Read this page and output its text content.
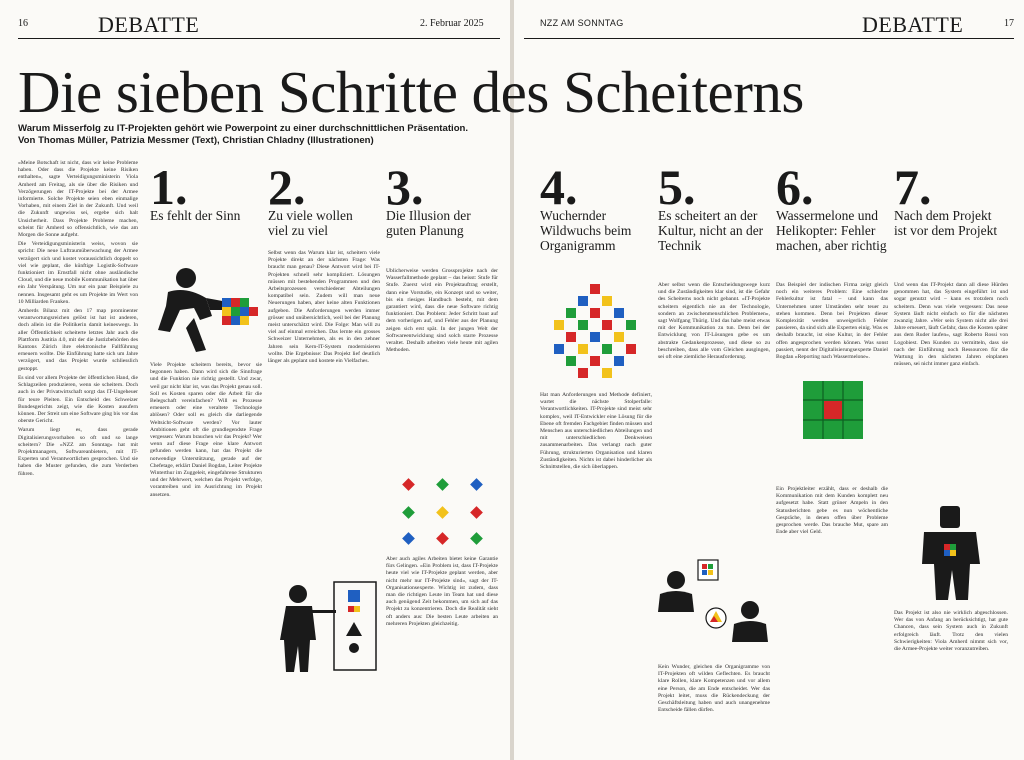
16	DEBATTE	2. Februar 2025
Warum Misserfolg zu IT-Projekten gehört wie Powerpoint zu einer durchschnittlichen Präsentation.
Von Thomas Müller, Patrizia Messmer (Text), Christian Chladny (Illustrationen)

«Meine Botschaft ist nicht, dass wir keine Probleme haben. Oder dass die Projekte keine Risiken enthalten», sagte Verteidigungsministerin Viola Amherd am Freitag, als sie über die Risiken und Verzögerungen der IT-Projekte bei der Armee informierte. Solche Projekte seien eben einmalige Vorhaben, mit einem Ziel in der Zukunft. Und weil die Zukunft ungewiss sei, ergebe sich halt Unsicherheit. Dass Projekte Probleme machen, scheint für Amherd so offensichtlich, wie das am Morgen die Sonne aufgeht.

Die Verteidigungsministerin weiss, wovon sie spricht: Die neue Luftraumüberwachung der Armee verzögert sich und kostet voraussichtlich doppelt so viel wie geplant, die künftige Logistik-Software funktioniert im Ernstfall nicht ohne ausländische Cloud, und die neue mobile Kommunikation hat über ein Jahr Verspätung. Um nur ein paar Beispiele zu nennen. Insgesamt geht es um Projekte im Wert von 10 Milliarden Franken.

Amherds Bilanz mit den 17 map prominenter verantwortungsreichen gelöst ist hat ist anderen, doch allein ist die Politikerin damit keineswegs. In aller Öffentlichkeit scheiterte letztes Jahr auch die Plattform Justitia 4.0, mit der die Justizbehörden des Kantons Zürich ihre elektronische Fallführung erneuern wollte. Die Einführung hatte sich um Jahre verzögert, und das Projekt wurde schliesslich gestoppt.

Es sind vor allem Projekte der öffentlichen Hand, die Schlagzeilen produzieren, wenn sie scheitern. Doch auch in der Privatwirtschaft sorgt das IT-Ungeheuer für teure Pleiten. Ein Entscheid des Schweizer Bundesgerichts zeigt, wie die Kosten ausufern können. Der Streit um eine Software ging bis vor das oberste Gericht.

Warum liegt es, dass gerade Digitalisierungsvorhaben so oft und so lange scheitern? Die «NZZ am Sonntag» hat mit Projektmanagern, Softwareanbietern, mit IT-Experten und Verantwortlichen gesprochen. Und sie haben die Muster gefunden, die zum Verderben führen.

1.
Es fehlt der Sinn
Viele Projekte scheitern bereits, bevor sie begonnen haben. Dann wird sich die Sinnfrage und die Funktion nie richtig gestellt. Und zwar, weil gar nicht klar ist, was das Projekt genau soll. Soll es Kosten sparen oder die Arbeit für die Belegschaft vereinfachen? Will es Prozesse erneuern oder eine veraltete Technologie ablösen? Oder soll es gleich die darliegende Weltsicht-Software werden? Vor lauter Ambitionen geht oft die grundlegendste Frage vergessen: Warum brauchen wir das Projekt? Wer wenn auf diese Frage eine klare Antwort gefunden werden kann, hat das Projekt die notwendige Unterstützung, gerade auf der Chefetage, erklärt Daniel Bogdan, Leiter Projekte Winterthur im Zuggeleit, eingefahrene Strukturen und der Mehrwert, welchen das Projekt verfolge, vorantreiben und im Ausrichtung im Projekt ansetzen.
2.
Zu viele wollen viel zu viel
Selbst wenn das Warum klar ist, scheitern viele Projekte direkt an der nächsten Frage: Was braucht man genau? Diese Antwort wird bei IT-Projekten schnell sehr kompliziert. Lösungen müssen mit bestehenden Programmen und den Arbeitsprozessen verschiedener Abteilungen kompatibel sein. Zudem will man neue Neuerungen haben, aber keine alten Funktionen aufgeben. Die Anforderungen werden immer grösser und unübersichtlich, weil bei der Planung meist unterschätzt wird. Die Folge: Man will zu viel auf einmal erreichen. Das lernte ein grosses Schweizer Unternehmen, als es in den zehner Jahren sein Kern-IT-System modernisieren wollte. Die Ergebnisse: Das Projekt lief deutlich länger als geplant und kostete ein Vielfaches.
3.
Die Illusion der guten Planung
Üblicherweise werden Grossprojekte nach der Wasserfallmethode geplant – das heisst: Stufe für Stufe. Zuerst wird ein Projektauftrag erstellt, dann eine Vorstudie, ein Konzept und so weiter, bis ein riesiges Handbuch besteht, mit dem garantiert wird, dass die neue Software richtig funktioniert. Das Problem: Jeder Schritt baut auf dem vorherigen auf, und Fehler aus der Planung zeigen sich erst spät. In der jungen Welt der Softwareentwicklung sind solch starre Prozesse veraltet. Deshalb arbeiten viele heute mit agilen Methoden.
Aber auch agiles Arbeiten bietet keine Garantie fürs Gelingen. «Ein Problem ist, dass IT-Projekte heute viel wie IT-Projekte geplant werden, aber nicht mehr nur IT-Projekte sind», sagt der IT-Organisationsexperte. Wichtig ist zudem, dass man die richtigen Leute im Team hat und diese auch genügend Zeit bekommen, um sich auf das Projekt zu konzentrieren. Doch die Realität sieht oft anders aus: Die besten Leute arbeiten an mehreren Projekten gleichzeitig.
NZZ AM SONNTAG	DEBATTE	17
4.
Wuchernder Wildwuchs beim Organigramm
Hat man Anforderungen und Methode definiert, wartet die nächste Stolperfalle: Verantwortlichkeiten. IT-Projekte sind meist sehr komplex, weil IT-Entwickler eine Lösung für die Ebene oft fremden Fachgebiet finden müssen und Menschen aus unterschiedlichen Abteilungen und mit unterschiedlichen Denkweisen zusammenarbeiten. Das verlangt nach guter Führung, strukturierten Organisation und klaren Zuständigkeiten. Nichts ist dabei hinderlicher als Schnittstellen, die sich überlappen.
5.
Es scheitert an der Kultur, nicht an der Technik
Aber selbst wenn die Entscheidungswege kurz und die Zuständigkeiten klar sind, ist die Gefahr des Scheiterns noch nicht gebannt. «IT-Projekte scheitern eigentlich nie an der Technologie, sondern an zwischenmenschlichen Problemen», sagt Wolfgang Thürig. Und das habe meist etwas mit der Kommunikation zu tun. Denn bei der Entwicklung von IT-Lösungen gebe es um abstrakte Gedankenprozesse, und diese so zu beschreiben, dass alle vom Gleichen ausgingen, sei oft eine ziemliche Herausforderung.
Kein Wunder, gleichen die Organigramme von IT-Projekten oft wilden Geflechten. Es braucht klare Rollen, klare Kompetenzen und vor allem eine Person, die am Ende entscheidet. Wer das Projekt leitet, muss die Rückendeckung der Geschäftsleitung haben und auch unangenehme Entscheide fällen dürfen.
6.
Wassermelone und Helikopter: Fehler machen, aber richtig
Das Beispiel der indischen Firma zeigt gleich noch ein weiteres Problem: Eine schlechte Fehlerkultur ist fatal – und kann das Unternehmen unter Umständen sehr teuer zu stehen kommen. Denn bei Projekten dieser Komplexität werden unweigerlich Fehler passieren, da sind sich alle Experten einig. Was es deshalb braucht, ist eine Kultur, in der Fehler offen angesprochen werden können. Was sonst passiert, nennt der Digitalisierungsexperte Daniel Bogdan «Reporting nach Wassermelone».
Ein Projektleiter erzählt, dass er deshalb die Kommunikation mit dem Kunden komplett neu aufgesetzt habe. Statt grüner Ampeln in den Statusberichten gebe es nun wöchentliche Gespräche, in denen offen über Probleme gesprochen werde. Das brauche Mut, spare am Ende aber viel Geld.
7.
Nach dem Projekt ist vor dem Projekt
Und wenn das IT-Projekt dann all diese Hürden genommen hat, das System eingeführt ist und sogar genutzt wird – kann es trotzdem noch scheitern. Denn was viele vergessen: Das neue System läuft nicht einfach so für die nächsten zwanzig Jahre. «Wer sein System nicht alle drei Jahre erneuert, läuft Gefahr, dass die Kosten später aus dem Ruder laufen», sagt Roberto Rossi von Logobiest. Den Kunden zu vermitteln, dass sie nach der Einführung noch Ressourcen für die Wartung in den nächsten Jahren einplanen müssen, sei nicht immer ganz einfach.
Das Projekt ist also nie wirklich abgeschlossen. Wer das von Anfang an berücksichtigt, hat gute Chancen, dass sein System auch in Zukunft erfolgreich läuft. Trotz den vielen Schwierigkeiten: Viola Amherd nimmt sich vor, die Armee-Projekte weiter voranzutreiben.
Die sieben Schritte des Scheiterns
